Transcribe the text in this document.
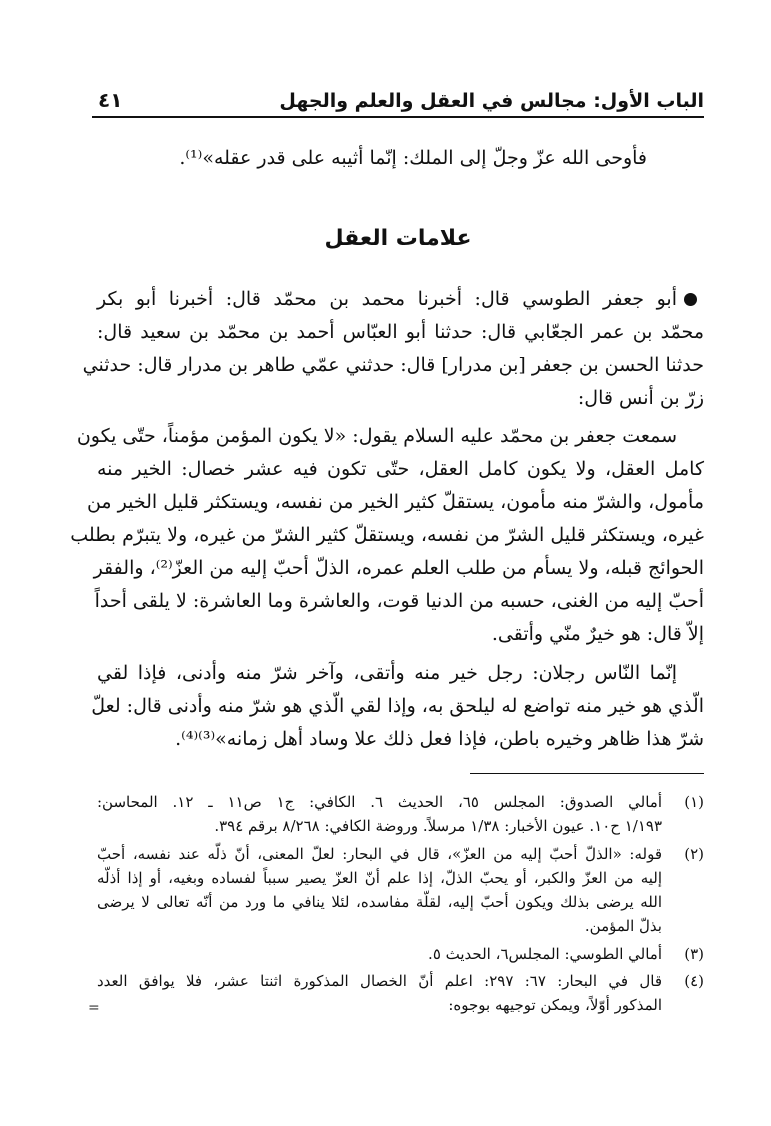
الباب الأول: مجالس في العقل والعلم والجهل
٤١
فأوحى الله عزّ وجلّ إلى الملك: إنّما أثيبه على قدر عقله»⁽¹⁾.
علامات العقل
أبو جعفر الطوسي قال: أخبرنا محمد بن محمّد قال: أخبرنا أبو بكر
محمّد بن عمر الجعّابي قال: حدثنا أبو العبّاس أحمد بن محمّد بن سعيد قال:
حدثنا الحسن بن جعفر [بن مدرار] قال: حدثني عمّي طاهر بن مدرار قال: حدثني
زرّ بن أنس قال:
سمعت جعفر بن محمّد عليه السلام يقول: «لا يكون المؤمن مؤمناً، حتّى يكون
كامل العقل، ولا يكون كامل العقل، حتّى تكون فيه عشر خصال: الخير منه
مأمول، والشرّ منه مأمون، يستقلّ كثير الخير من نفسه، ويستكثر قليل الخير من
غيره، ويستكثر قليل الشرّ من نفسه، ويستقلّ كثير الشرّ من غيره، ولا يتبرّم بطلب
الحوائج قبله، ولا يسأم من طلب العلم عمره، الذلّ أحبّ إليه من العزّ⁽²⁾، والفقر
أحبّ إليه من الغنى، حسبه من الدنيا قوت، والعاشرة وما العاشرة: لا يلقى أحداً
إلاّ قال: هو خيرٌ منّي وأتقى.
إنّما النّاس رجلان: رجل خير منه وأتقى، وآخر شرّ منه وأدنى، فإذا لقي
الّذي هو خير منه تواضع له ليلحق به، وإذا لقي الّذي هو شرّ منه وأدنى قال: لعلّ
شرّ هذا ظاهر وخيره باطن، فإذا فعل ذلك علا وساد أهل زمانه»⁽³⁾⁽⁴⁾.
(١)
أمالي الصدوق: المجلس ٦٥، الحديث ٦. الكافي: ج١ ص١١ ـ ١٢. المحاسن:
١/١٩٣ ح١٠. عيون الأخبار: ١/٣٨ مرسلاً. وروضة الكافي: ٨/٢٦٨ برقم ٣٩٤.
(٢)
قوله: «الذلّ أحبّ إليه من العزّ»، قال في البحار: لعلّ المعنى، أنّ ذلّه عند نفسه، أحبّ
إليه من العزّ والكبر، أو يحبّ الذلّ، إذا علم أنّ العزّ يصير سبباً لفساده وبغيه، أو إذا أذلّه
الله يرضى بذلك ويكون أحبّ إليه، لقلّة مفاسده، لئلا ينافي ما ورد من أنّه تعالى لا يرضى
بذلّ المؤمن.
(٣)
أمالي الطوسي: المجلس٦، الحديث ٥.
(٤)
قال في البحار: ٦٧: ٢٩٧: اعلم أنّ الخصال المذكورة اثنتا عشر، فلا يوافق العدد
المذكور أوّلاً، ويمكن توجيهه بوجوه:
=
